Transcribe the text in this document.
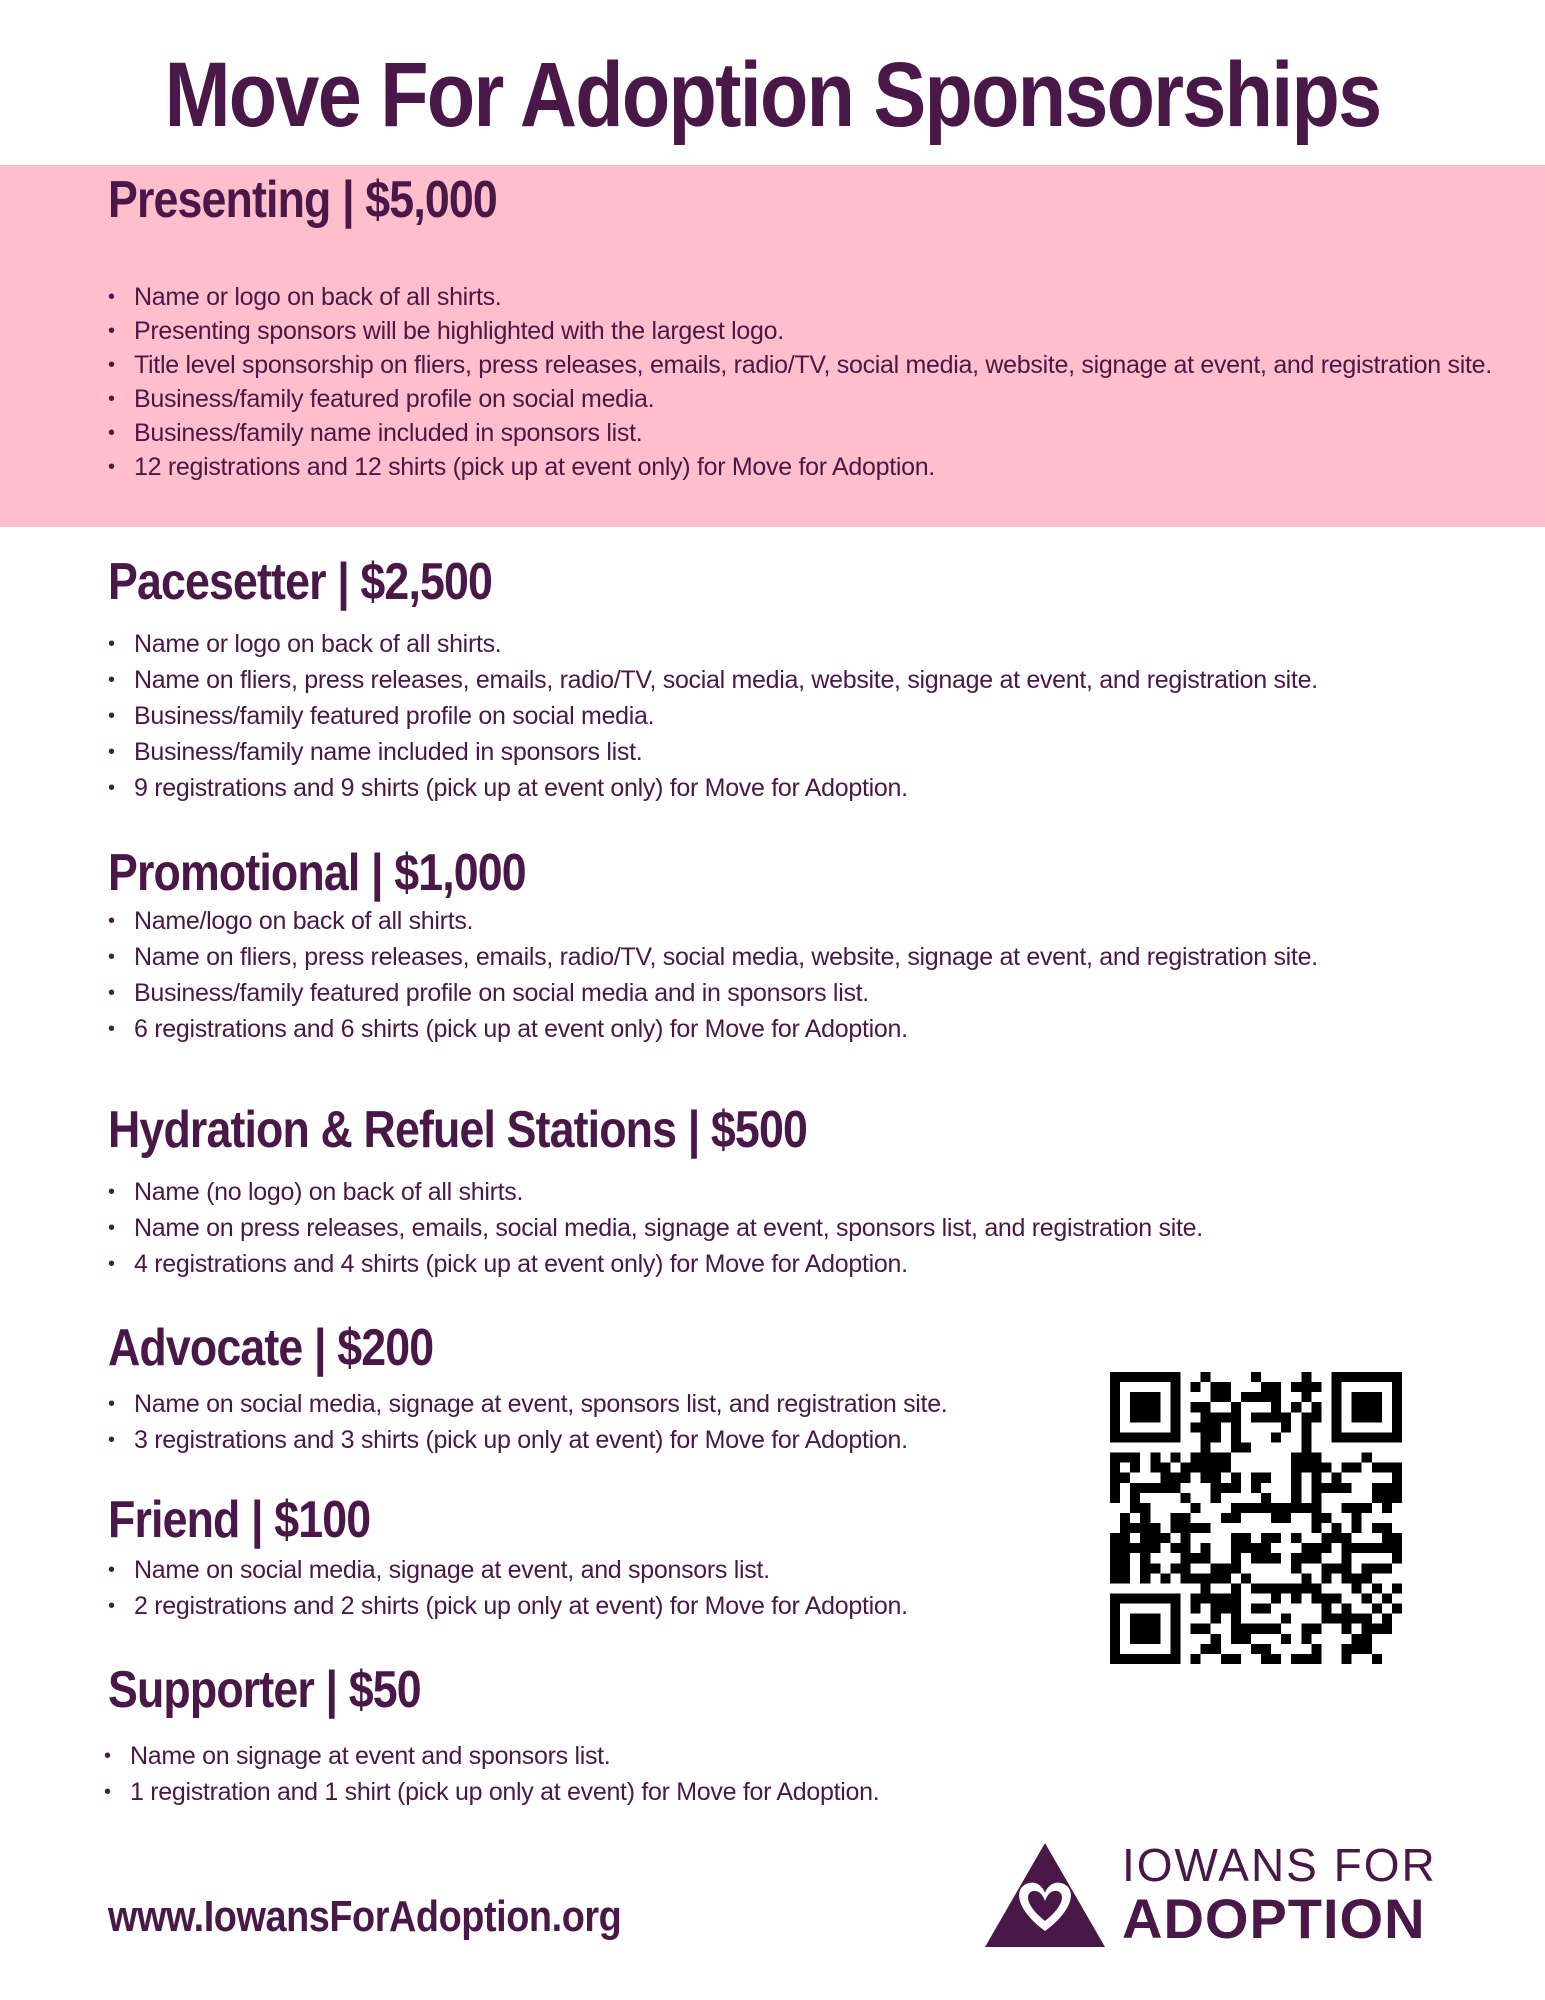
Move For Adoption Sponsorships
Presenting | $5,000
• Name or logo on back of all shirts.
• Presenting sponsors will be highlighted with the largest logo.
• Title level sponsorship on fliers, press releases, emails, radio/TV, social media, website, signage at event, and registration site.
• Business/family featured profile on social media.
• Business/family name included in sponsors list.
• 12 registrations and 12 shirts (pick up at event only) for Move for Adoption.
Pacesetter | $2,500
• Name or logo on back of all shirts.
• Name on fliers, press releases, emails, radio/TV, social media, website, signage at event, and registration site.
• Business/family featured profile on social media.
• Business/family name included in sponsors list.
• 9 registrations and 9 shirts (pick up at event only) for Move for Adoption.
Promotional | $1,000
• Name/logo on back of all shirts.
• Name on fliers, press releases, emails, radio/TV, social media, website, signage at event, and registration site.
• Business/family featured profile on social media and in sponsors list.
• 6 registrations and 6 shirts (pick up at event only) for Move for Adoption.
Hydration & Refuel Stations | $500
• Name (no logo) on back of all shirts.
• Name on press releases, emails, social media, signage at event, sponsors list, and registration site.
• 4 registrations and 4 shirts (pick up at event only) for Move for Adoption.
Advocate | $200
• Name on social media, signage at event, sponsors list, and registration site.
• 3 registrations and 3 shirts (pick up only at event) for Move for Adoption.
Friend | $100
• Name on social media, signage at event, and sponsors list.
• 2 registrations and 2 shirts (pick up only at event) for Move for Adoption.
Supporter | $50
• Name on signage at event and sponsors list.
• 1 registration and 1 shirt (pick up only at event) for Move for Adoption.
www.IowansForAdoption.org
IOWANS FOR
ADOPTION
